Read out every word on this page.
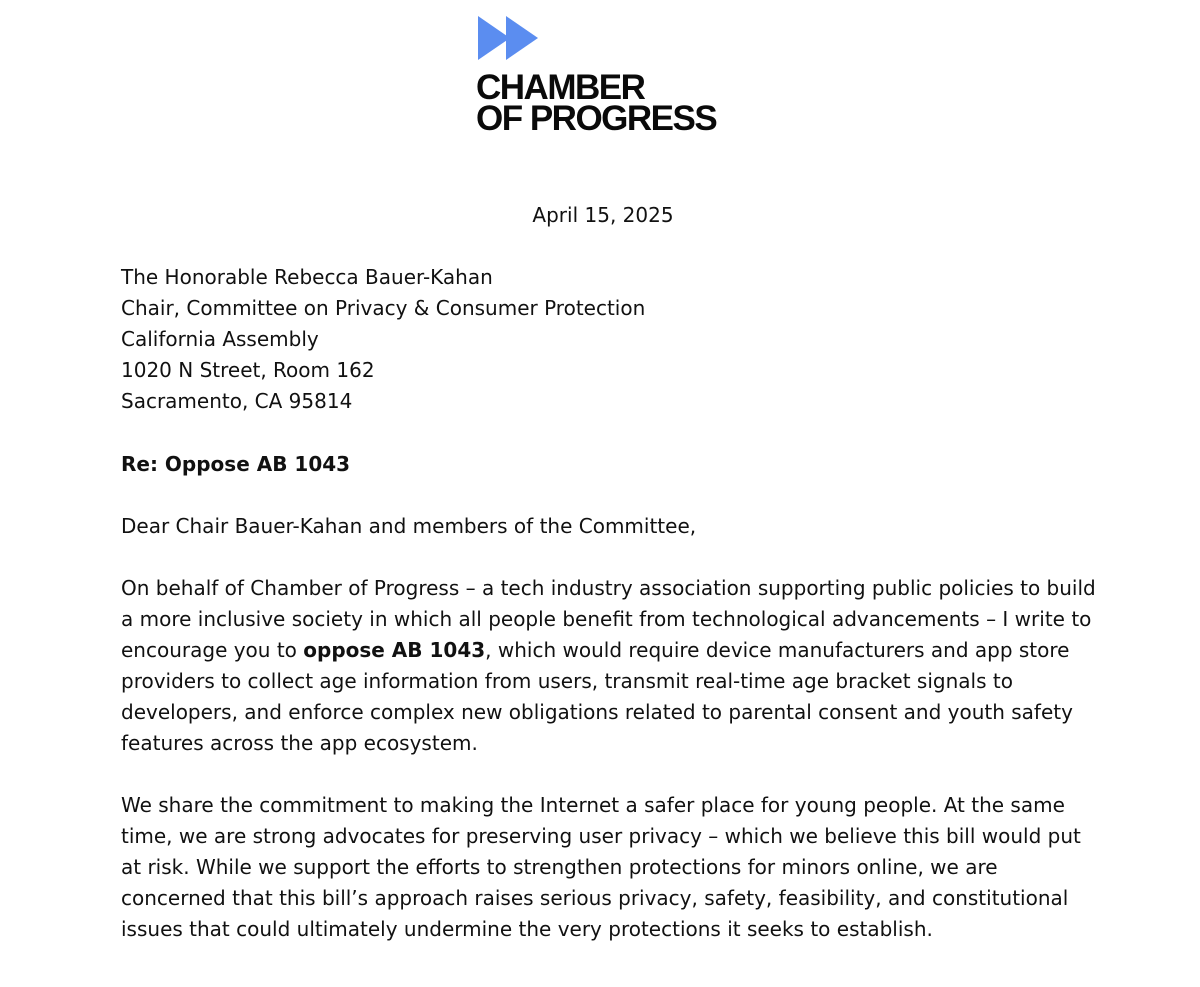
CHAMBER
OF PROGRESS
April 15, 2025
The Honorable Rebecca Bauer-Kahan
Chair, Committee on Privacy & Consumer Protection
California Assembly
1020 N Street, Room 162
Sacramento, CA 95814
Re: Oppose AB 1043
Dear Chair Bauer-Kahan and members of the Committee,

On behalf of Chamber of Progress – a tech industry association supporting public policies to build a more inclusive society in which all people benefit from technological advancements – I write to encourage you to oppose AB 1043, which would require device manufacturers and app store providers to collect age information from users, transmit real-time age bracket signals to developers, and enforce complex new obligations related to parental consent and youth safety features across the app ecosystem.

We share the commitment to making the Internet a safer place for young people. At the same time, we are strong advocates for preserving user privacy – which we believe this bill would put at risk. While we support the efforts to strengthen protections for minors online, we are concerned that this bill’s approach raises serious privacy, safety, feasibility, and constitutional issues that could ultimately undermine the very protections it seeks to establish.
